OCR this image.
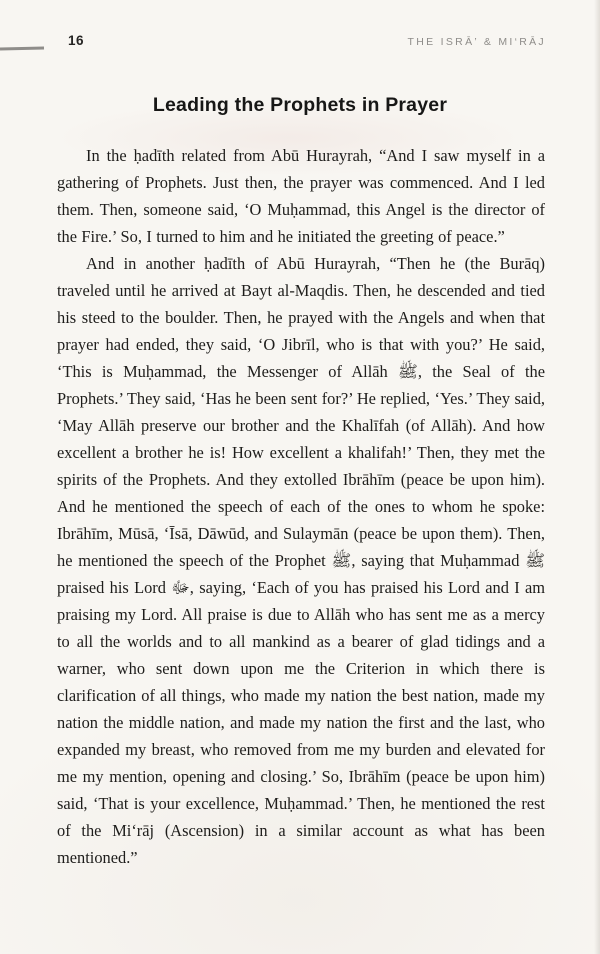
16	THE ISRĀ’ & MI‘RĀJ
Leading the Prophets in Prayer

In the ḥadīth related from Abū Hurayrah, “And I saw myself in a gathering of Prophets. Just then, the prayer was commenced. And I led them. Then, someone said, ‘O Muḥammad, this Angel is the director of the Fire.’ So, I turned to him and he initiated the greeting of peace.”

And in another ḥadīth of Abū Hurayrah, “Then he (the Burāq) traveled until he arrived at Bayt al-Maqdis. Then, he descended and tied his steed to the boulder. Then, he prayed with the Angels and when that prayer had ended, they said, ‘O Jibrīl, who is that with you?’ He said, ‘This is Muḥammad, the Messenger of Allāh ﷺ, the Seal of the Prophets.’ They said, ‘Has he been sent for?’ He replied, ‘Yes.’ They said, ‘May Allāh preserve our brother and the Khalīfah (of Allāh). And how excellent a brother he is! How excellent a khalifah!’ Then, they met the spirits of the Prophets. And they extolled Ibrāhīm (peace be upon him). And he mentioned the speech of each of the ones to whom he spoke: Ibrāhīm, Mūsā, ‘Īsā, Dāwūd, and Sulaymān (peace be upon them). Then, he mentioned the speech of the Prophet ﷺ, saying that Muḥammad ﷺ praised his Lord ﷻ, saying, ‘Each of you has praised his Lord and I am praising my Lord. All praise is due to Allāh who has sent me as a mercy to all the worlds and to all mankind as a bearer of glad tidings and a warner, who sent down upon me the Criterion in which there is clarification of all things, who made my nation the best nation, made my nation the middle nation, and made my nation the first and the last, who expanded my breast, who removed from me my burden and elevated for me my mention, opening and closing.’ So, Ibrāhīm (peace be upon him) said, ‘That is your excellence, Muḥammad.’ Then, he mentioned the rest of the Mi‘rāj (Ascension) in a similar account as what has been mentioned.”
